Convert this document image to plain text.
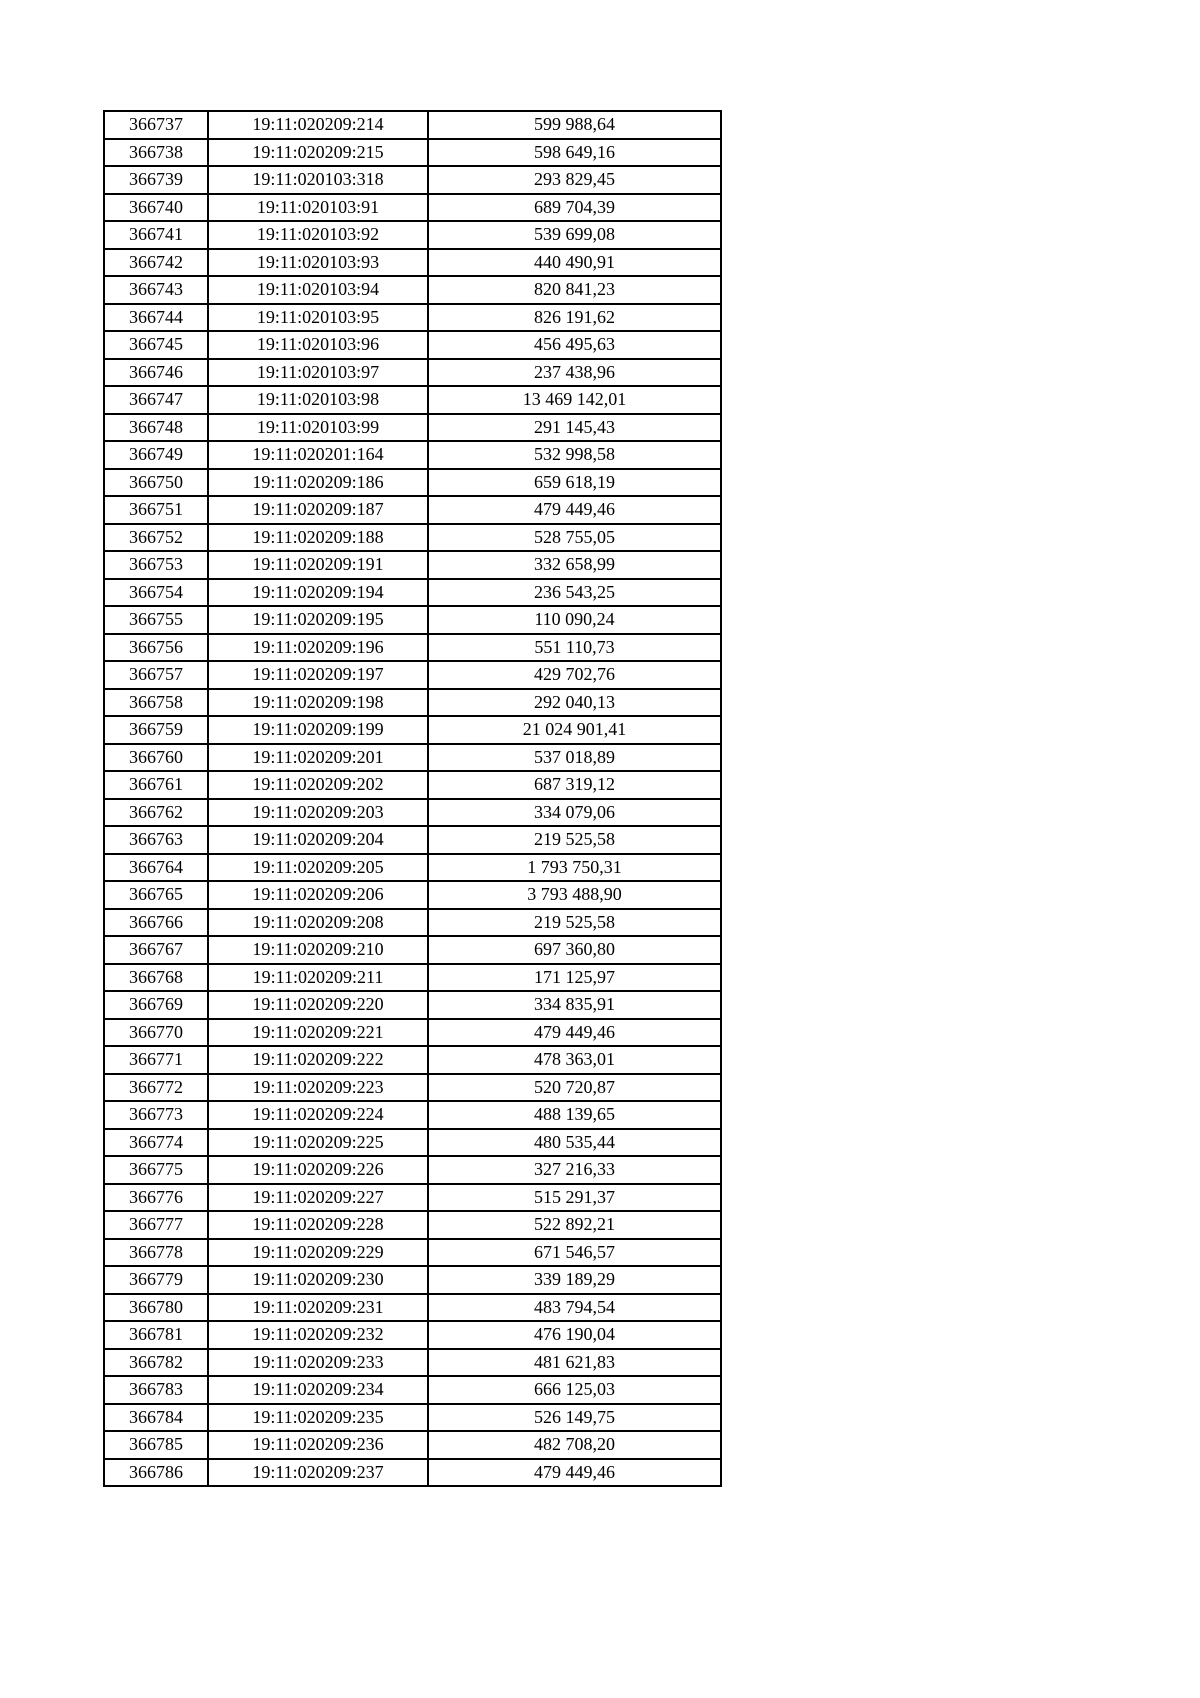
366737	19:11:020209:214	599 988,64
366738	19:11:020209:215	598 649,16
366739	19:11:020103:318	293 829,45
366740	19:11:020103:91	689 704,39
366741	19:11:020103:92	539 699,08
366742	19:11:020103:93	440 490,91
366743	19:11:020103:94	820 841,23
366744	19:11:020103:95	826 191,62
366745	19:11:020103:96	456 495,63
366746	19:11:020103:97	237 438,96
366747	19:11:020103:98	13 469 142,01
366748	19:11:020103:99	291 145,43
366749	19:11:020201:164	532 998,58
366750	19:11:020209:186	659 618,19
366751	19:11:020209:187	479 449,46
366752	19:11:020209:188	528 755,05
366753	19:11:020209:191	332 658,99
366754	19:11:020209:194	236 543,25
366755	19:11:020209:195	110 090,24
366756	19:11:020209:196	551 110,73
366757	19:11:020209:197	429 702,76
366758	19:11:020209:198	292 040,13
366759	19:11:020209:199	21 024 901,41
366760	19:11:020209:201	537 018,89
366761	19:11:020209:202	687 319,12
366762	19:11:020209:203	334 079,06
366763	19:11:020209:204	219 525,58
366764	19:11:020209:205	1 793 750,31
366765	19:11:020209:206	3 793 488,90
366766	19:11:020209:208	219 525,58
366767	19:11:020209:210	697 360,80
366768	19:11:020209:211	171 125,97
366769	19:11:020209:220	334 835,91
366770	19:11:020209:221	479 449,46
366771	19:11:020209:222	478 363,01
366772	19:11:020209:223	520 720,87
366773	19:11:020209:224	488 139,65
366774	19:11:020209:225	480 535,44
366775	19:11:020209:226	327 216,33
366776	19:11:020209:227	515 291,37
366777	19:11:020209:228	522 892,21
366778	19:11:020209:229	671 546,57
366779	19:11:020209:230	339 189,29
366780	19:11:020209:231	483 794,54
366781	19:11:020209:232	476 190,04
366782	19:11:020209:233	481 621,83
366783	19:11:020209:234	666 125,03
366784	19:11:020209:235	526 149,75
366785	19:11:020209:236	482 708,20
366786	19:11:020209:237	479 449,46
